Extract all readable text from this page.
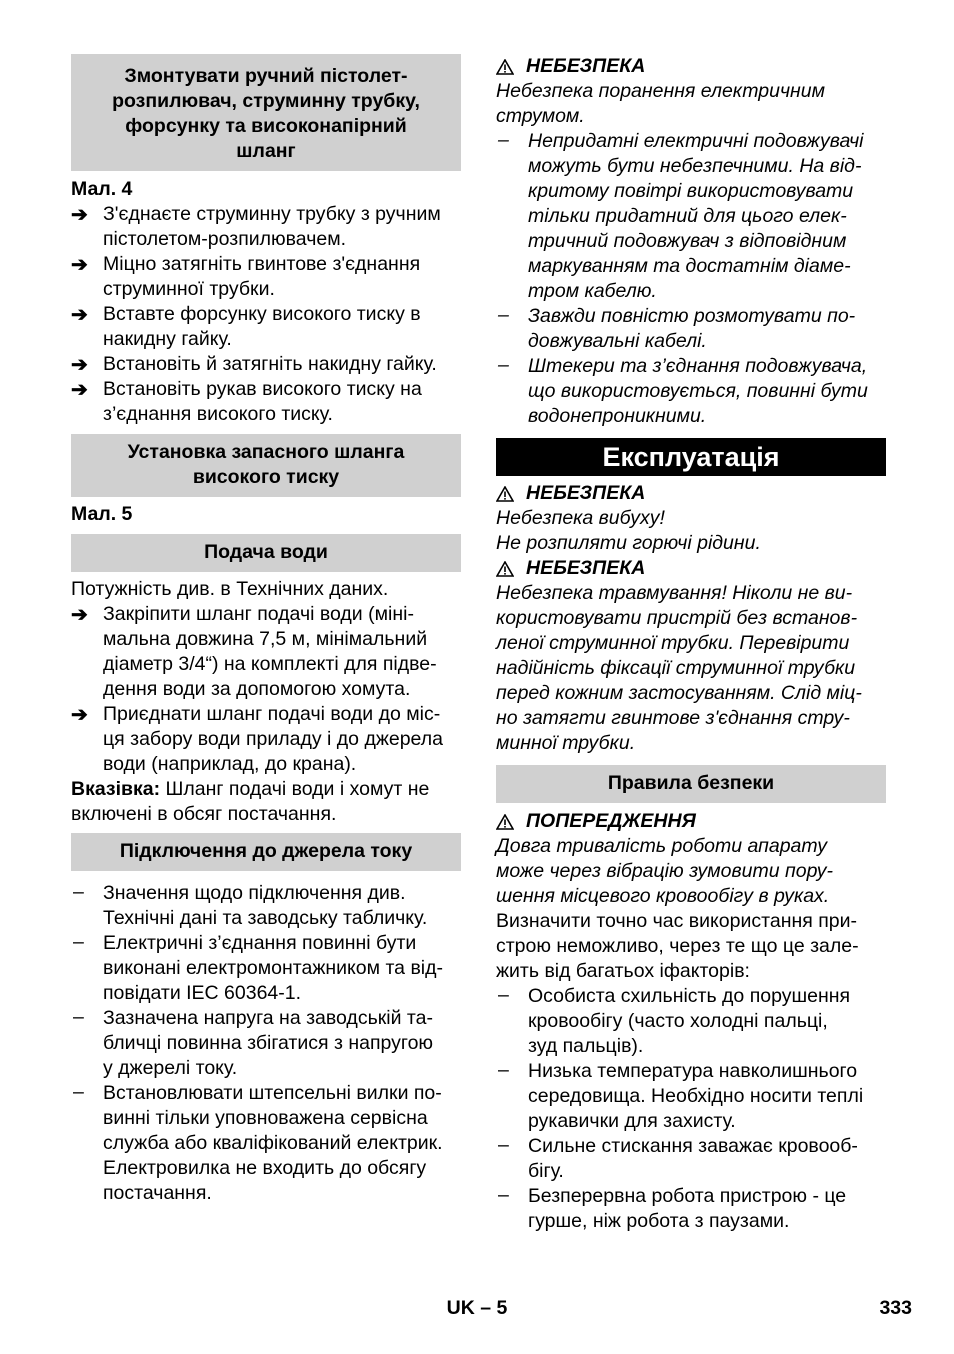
Змонтувати ручний пістолет-
розпилювач, струминну трубку,
форсунку та високонапірний
шланг
Мал. 4
➔ З'єднаєте струминну трубку з ручним
пістолетом-розпилювачем.
➔ Міцно затягніть гвинтове з'єднання
струминної трубки.
➔ Вставте форсунку високого тиску в
накидну гайку.
➔ Встановіть й затягніть накидну гайку.
➔ Встановіть рукав високого тиску на
з’єднання високого тиску.
Установка запасного шланга
високого тиску
Мал. 5
Подача води
Потужність див. в Технічних даних.
➔ Закріпити шланг подачі води (міні-
мальна довжина 7,5 м, мінімальний
діаметр 3/4“) на комплекті для підве-
дення води за допомогою хомута.
➔ Приєднати шланг подачі води до міс-
ця забору води приладу і до джерела
води (наприклад, до крана).
Вказівка: Шланг подачі води і хомут не
включені в обсяг постачання.
Підключення до джерела току
– Значення щодо підключення див.
Технічні дані та заводську табличку.
– Електричні з’єднання повинні бути
виконані електромонтажником та від-
повідати IEC 60364-1.
– Зазначена напруга на заводській та-
бличці повинна збігатися з напругою
у джерелі току.
– Встановлювати штепсельні вилки по-
винні тільки уповноважена сервісна
служба або кваліфікований електрик.
Електровилка не входить до обсягу
постачання.
НЕБЕЗПЕКА
Небезпека поранення електричним
струмом.
– Непридатні електричні подовжувачі
можуть бути небезпечними. На від-
критому повітрі використовувати
тільки придатний для цього елек-
тричний подовжувач з відповідним
маркуванням та достатнім діаме-
тром кабелю.
– Завжди повністю розмотувати по-
довжувальні кабелі.
– Штекери та з’єднання подовжувача,
що використовується, повинні бути
водонепроникними.
Експлуатація
НЕБЕЗПЕКА
Небезпека вибуху!
Не розпиляти горючі рідини.
НЕБЕЗПЕКА
Небезпека травмування! Ніколи не ви-
користовувати пристрій без встанов-
леної струминної трубки. Перевірити
надійність фіксації струминної трубки
перед кожним застосуванням. Слід міц-
но затягти гвинтове з'єднання стру-
минної трубки.
Правила безпеки
ПОПЕРЕДЖЕННЯ
Довга тривалість роботи апарату
може через вібрацію зумовити пору-
шення місцевого кровообігу в руках.
Визначити точно час використання при-
строю неможливо, через те що це зале-
жить від багатьох іфакторів:
– Особиста схильність до порушення
кровообігу (часто холодні пальці,
зуд пальців).
– Низька температура навколишнього
середовища. Необхідно носити теплі
рукавички для захисту.
– Сильне стискання заважає кровооб-
бігу.
– Безперервна робота пристрою - це
гурше, ніж робота з паузами.
UK – 5	333
